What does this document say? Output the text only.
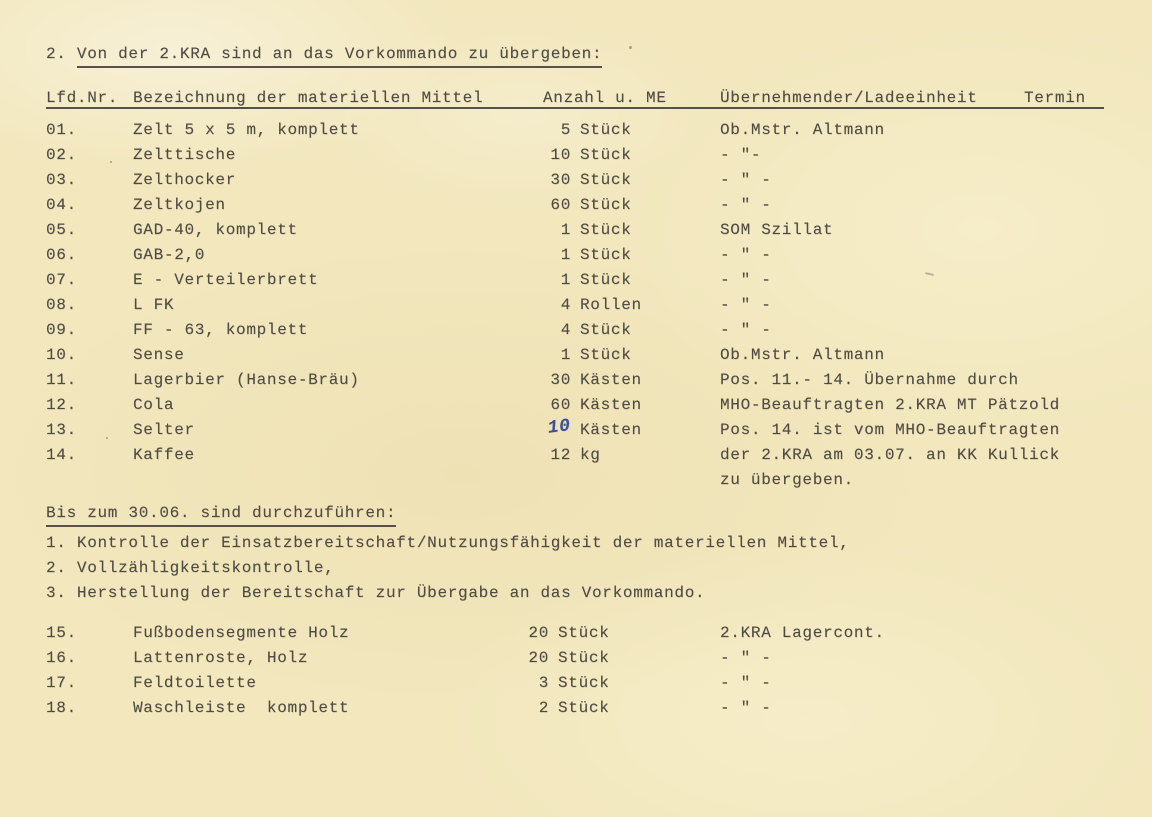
2. Von der 2.KRA sind an das Vorkommando zu übergeben:
Lfd.Nr. Bezeichnung der materiellen Mittel	Anzahl u. ME	Übernehmender/Ladeeinheit	Termin
01.	Zelt 5 x 5 m, komplett	5 Stück	Ob.Mstr. Altmann
02.	Zelttische	10 Stück	- "-
03.	Zelthocker	30 Stück	- " -
04.	Zeltkojen	60 Stück	- " -
05.	GAD-40, komplett	1 Stück	SOM Szillat
06.	GAB-2,0	1 Stück	- " -
07.	E - Verteilerbrett	1 Stück	- " -
08.	L FK	4 Rollen	- " -
09.	FF - 63, komplett	4 Stück	- " -
10.	Sense	1 Stück	Ob.Mstr. Altmann
11.	Lagerbier (Hanse-Bräu)	30 Kästen	Pos. 11.- 14. Übernahme durch
12.	Cola	60 Kästen	MHO-Beauftragten 2.KRA MT Pätzold
13.	Selter	10 Kästen	Pos. 14. ist vom MHO-Beauftragten
14.	Kaffee	12 kg	der 2.KRA am 03.07. an KK Kullick
zu übergeben.
Bis zum 30.06. sind durchzuführen:
1. Kontrolle der Einsatzbereitschaft/Nutzungsfähigkeit der materiellen Mittel,
2. Vollzähligkeitskontrolle,
3. Herstellung der Bereitschaft zur Übergabe an das Vorkommando.
15.	Fußbodensegmente Holz	20 Stück	2.KRA Lagercont.
16.	Lattenroste, Holz	20 Stück	- " -
17.	Feldtoilette	3 Stück	- " -
18.	Waschleiste  komplett	2 Stück	- " -
